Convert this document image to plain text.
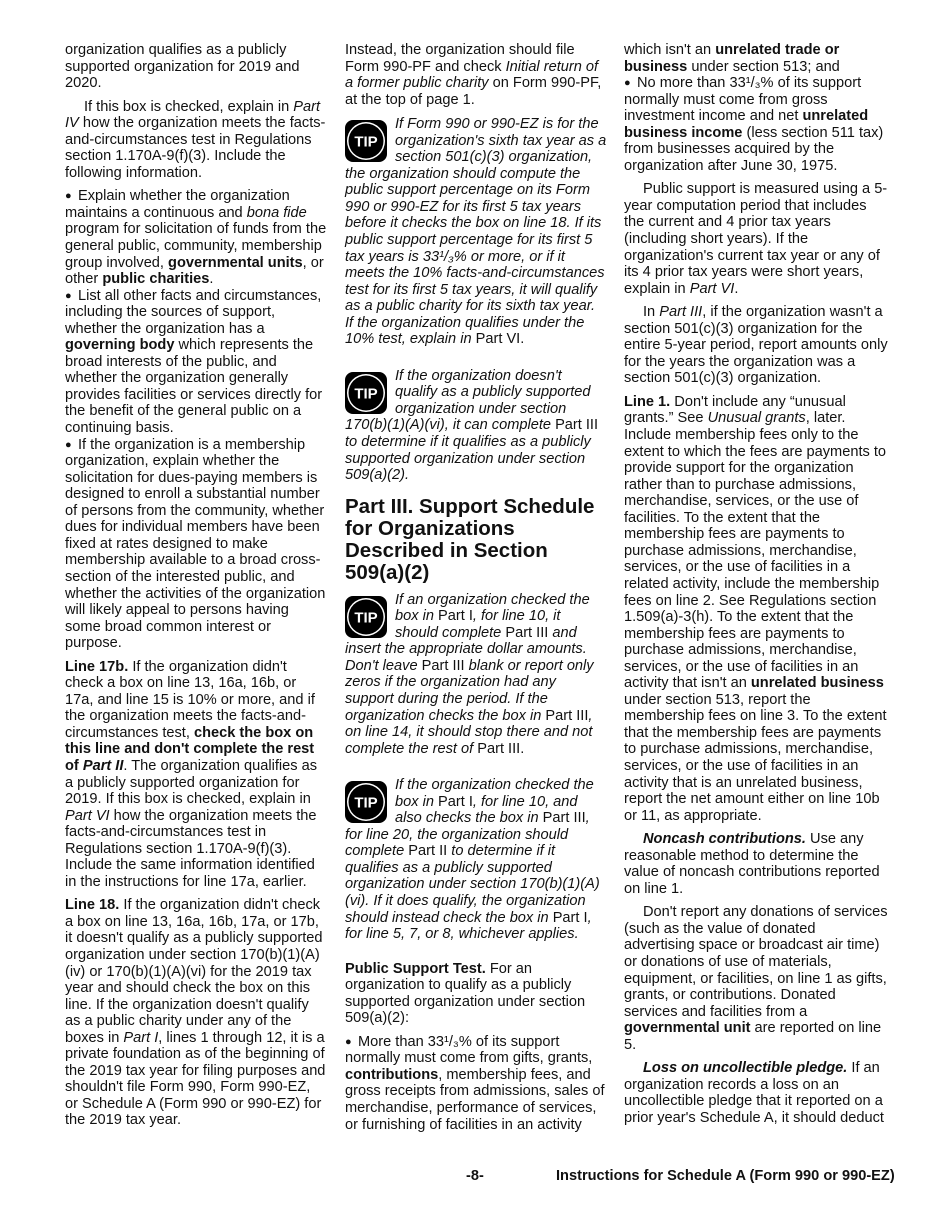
organization qualifies as a publicly supported organization for 2019 and 2020.

If this box is checked, explain in Part IV how the organization meets the facts-and-circumstances test in Regulations section 1.170A-9(f)(3). Include the following information.

● Explain whether the organization maintains a continuous and bona fide program for solicitation of funds from the general public, community, membership group involved, governmental units, or other public charities.
● List all other facts and circumstances, including the sources of support, whether the organization has a governing body which represents the broad interests of the public, and whether the organization generally provides facilities or services directly for the benefit of the general public on a continuing basis.
● If the organization is a membership organization, explain whether the solicitation for dues-paying members is designed to enroll a substantial number of persons from the community, whether dues for individual members have been fixed at rates designed to make membership available to a broad cross-section of the interested public, and whether the activities of the organization will likely appeal to persons having some broad common interest or purpose.

Line 17b. If the organization didn't check a box on line 13, 16a, 16b, or 17a, and line 15 is 10% or more, and if the organization meets the facts-and-circumstances test, check the box on this line and don't complete the rest of Part II. The organization qualifies as a publicly supported organization for 2019. If this box is checked, explain in Part VI how the organization meets the facts-and-circumstances test in Regulations section 1.170A-9(f)(3). Include the same information identified in the instructions for line 17a, earlier.

Line 18. If the organization didn't check a box on line 13, 16a, 16b, 17a, or 17b, it doesn't qualify as a publicly supported organization under section 170(b)(1)(A)(iv) or 170(b)(1)(A)(vi) for the 2019 tax year and should check the box on this line. If the organization doesn't qualify as a public charity under any of the boxes in Part I, lines 1 through 12, it is a private foundation as of the beginning of the 2019 tax year for filing purposes and shouldn't file Form 990, Form 990-EZ, or Schedule A (Form 990 or 990-EZ) for the 2019 tax year.

Instead, the organization should file Form 990-PF and check Initial return of a former public charity on Form 990-PF, at the top of page 1.

TIP
If Form 990 or 990-EZ is for the organization's sixth tax year as a section 501(c)(3) organization, the organization should compute the public support percentage on its Form 990 or 990-EZ for its first 5 tax years before it checks the box on line 18. If its public support percentage for its first 5 tax years is 33¹/₃% or more, or if it meets the 10% facts-and-circumstances test for its first 5 tax years, it will qualify as a public charity for its sixth tax year. If the organization qualifies under the 10% test, explain in Part VI.
TIP
If the organization doesn't qualify as a publicly supported organization under section 170(b)(1)(A)(vi), it can complete Part III to determine if it qualifies as a publicly supported organization under section 509(a)(2).
Part III. Support Schedule for Organizations Described in Section 509(a)(2)
TIP
If an organization checked the box in Part I, for line 10, it should complete Part III and insert the appropriate dollar amounts. Don't leave Part III blank or report only zeros if the organization had any support during the period. If the organization checks the box in Part III, on line 14, it should stop there and not complete the rest of Part III.
TIP
If the organization checked the box in Part I, for line 10, and also checks the box in Part III, for line 20, the organization should complete Part II to determine if it qualifies as a publicly supported organization under section 170(b)(1)(A)(vi). If it does qualify, the organization should instead check the box in Part I, for line 5, 7, or 8, whichever applies.

Public Support Test. For an organization to qualify as a publicly supported organization under section 509(a)(2):

● More than 33¹/₃% of its support normally must come from gifts, grants, contributions, membership fees, and gross receipts from admissions, sales of merchandise, performance of services, or furnishing of facilities in an activity

which isn't an unrelated trade or business under section 513; and

● No more than 33¹/₃% of its support normally must come from gross investment income and net unrelated business income (less section 511 tax) from businesses acquired by the organization after June 30, 1975.

Public support is measured using a 5-year computation period that includes the current and 4 prior tax years (including short years). If the organization's current tax year or any of its 4 prior tax years were short years, explain in Part VI.

In Part III, if the organization wasn't a section 501(c)(3) organization for the entire 5-year period, report amounts only for the years the organization was a section 501(c)(3) organization.

Line 1. Don't include any “unusual grants.” See Unusual grants, later. Include membership fees only to the extent to which the fees are payments to provide support for the organization rather than to purchase admissions, merchandise, services, or the use of facilities. To the extent that the membership fees are payments to purchase admissions, merchandise, services, or the use of facilities in a related activity, include the membership fees on line 2. See Regulations section 1.509(a)-3(h). To the extent that the membership fees are payments to purchase admissions, merchandise, services, or the use of facilities in an activity that isn't an unrelated business under section 513, report the membership fees on line 3. To the extent that the membership fees are payments to purchase admissions, merchandise, services, or the use of facilities in an activity that is an unrelated business, report the net amount either on line 10b or 11, as appropriate.

Noncash contributions. Use any reasonable method to determine the value of noncash contributions reported on line 1.

Don't report any donations of services (such as the value of donated advertising space or broadcast air time) or donations of use of materials, equipment, or facilities, on line 1 as gifts, grants, or contributions. Donated services and facilities from a governmental unit are reported on line 5.

Loss on uncollectible pledge. If an organization records a loss on an uncollectible pledge that it reported on a prior year's Schedule A, it should deduct

-8-	Instructions for Schedule A (Form 990 or 990-EZ)
